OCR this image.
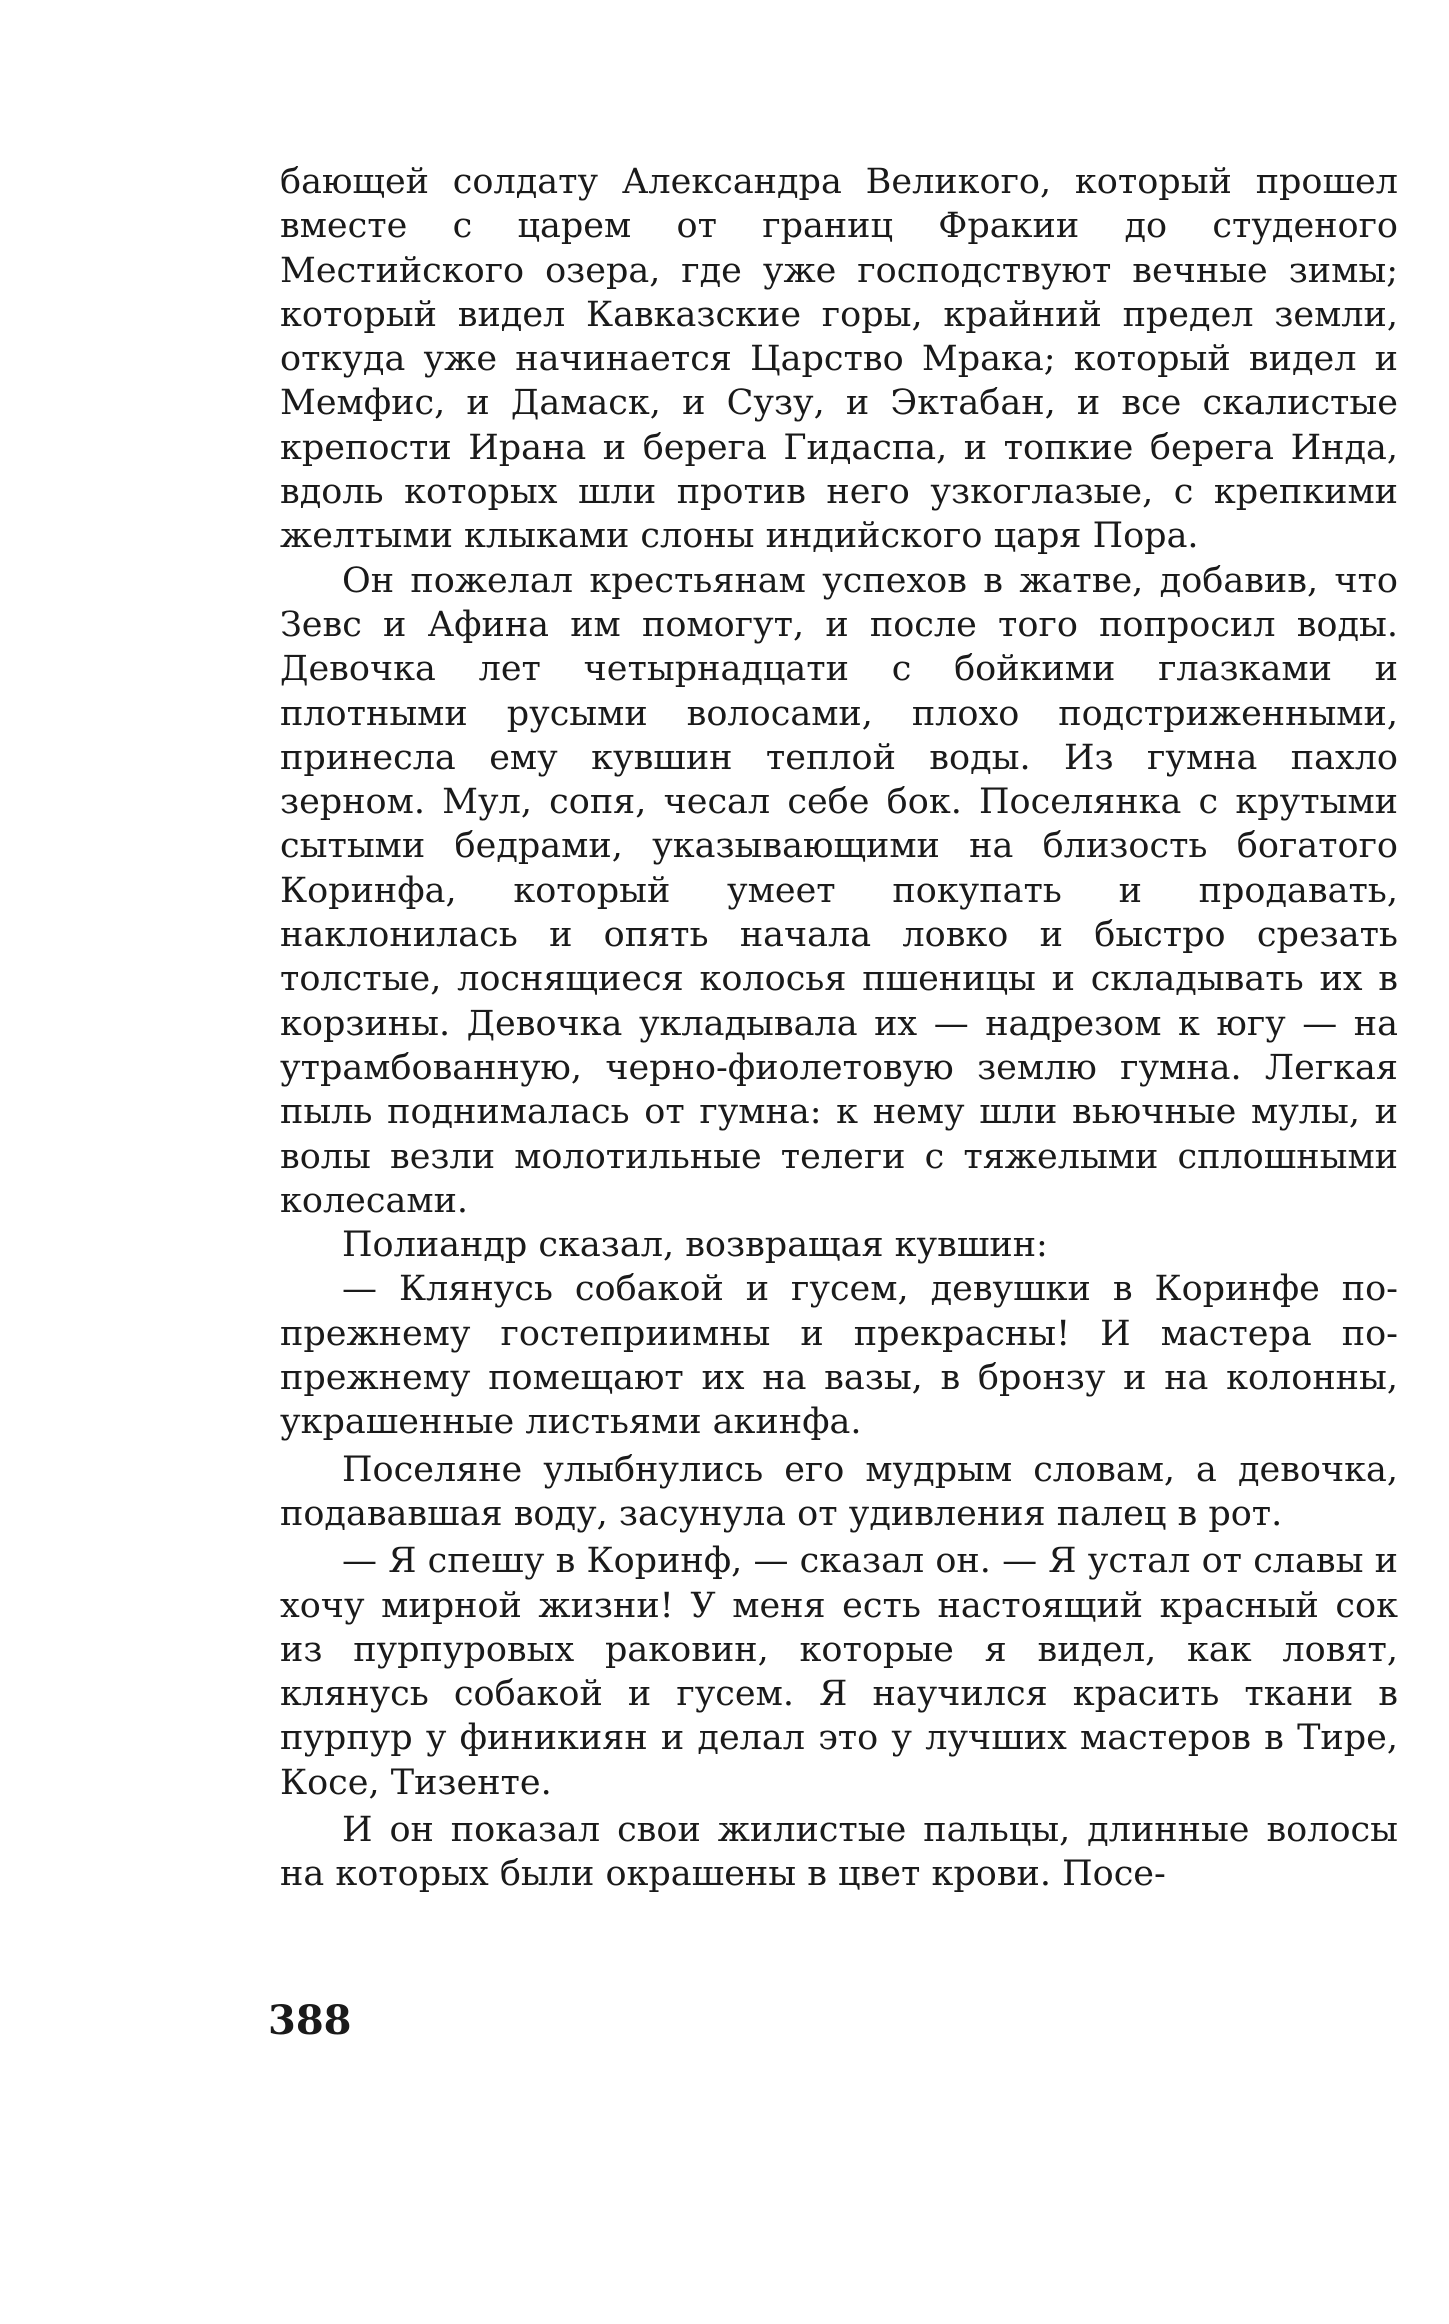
бающей солдату Александра Великого, который прошел вместе с царем от границ Фракии до студеного Местийского озера, где уже господствуют вечные зимы; который видел Кавказские горы, крайний предел земли, откуда уже начинается Царство Мрака; который видел и Мемфис, и Дамаск, и Сузу, и Эктабан, и все скалистые крепости Ирана и берега Гидаспа, и топкие берега Инда, вдоль которых шли против него узкоглазые, с крепкими желтыми клыками слоны индийского царя Пора.

Он пожелал крестьянам успехов в жатве, добавив, что Зевс и Афина им помогут, и после того попросил воды. Девочка лет четырнадцати с бойкими глазками и плотными русыми волосами, плохо подстриженными, принесла ему кувшин теплой воды. Из гумна пахло зерном. Мул, сопя, чесал себе бок. Поселянка с крутыми сытыми бедрами, указывающими на близость богатого Коринфа, который умеет покупать и продавать, наклонилась и опять начала ловко и быстро срезать толстые, лоснящиеся колосья пшеницы и складывать их в корзины. Девочка укладывала их — надрезом к югу — на утрамбованную, черно-фиолетовую землю гумна. Легкая пыль поднималась от гумна: к нему шли вьючные мулы, и волы везли молотильные телеги с тяжелыми сплошными колесами.

Полиандр сказал, возвращая кувшин:

— Клянусь собакой и гусем, девушки в Коринфе по-прежнему гостеприимны и прекрасны! И мастера по-прежнему помещают их на вазы, в бронзу и на колонны, украшенные листьями акинфа.

Поселяне улыбнулись его мудрым словам, а девочка, подававшая воду, засунула от удивления палец в рот.

— Я спешу в Коринф, — сказал он. — Я устал от славы и хочу мирной жизни! У меня есть настоящий красный сок из пурпуровых раковин, которые я видел, как ловят, клянусь собакой и гусем. Я научился красить ткани в пурпур у финикиян и делал это у лучших мастеров в Тире, Косе, Тизенте.

И он показал свои жилистые пальцы, длинные волосы на которых были окрашены в цвет крови. Посе-

388
